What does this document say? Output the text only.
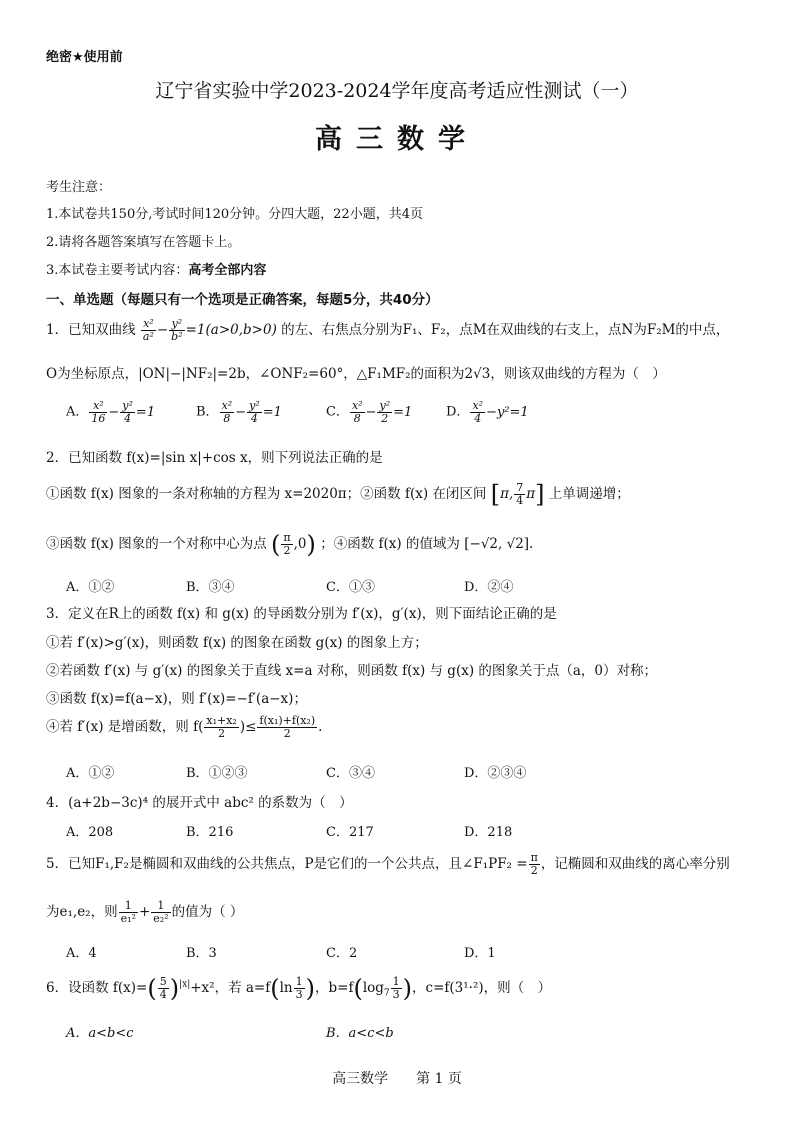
绝密★使用前
辽宁省实验中学2023-2024学年度高考适应性测试（一）
高三数学
考生注意：
1.本试卷共150分,考试时间120分钟。分四大题，22小题，共4页
2.请将各题答案填写在答题卡上。
3.本试卷主要考试内容：高考全部内容
一、单选题（每题只有一个选项是正确答案，每题5分，共40分）
1．已知双曲线 $\frac{\text{x²}}{\text{a²}} - \frac{\text{y²}}{\text{b²}} =1(a>0,b>0)$ 的左、右焦点分别为F₁、F₂，点M在双曲线的右支上，点N为F₂M的中点，
O为坐标原点，|ON|−|NF₂|=2b，∠ONF₂=60°，△F₁MF₂的面积为2√3，则该双曲线的方程为（　）
A． $\frac{\text{x²}}{16} - \frac{\text{y²}}{4} =1$	B． $\frac{\text{x²}}{8} - \frac{\text{y²}}{4} =1$	C． $\frac{\text{x²}}{8} - \frac{\text{y²}}{2} =1$	D． $\frac{\text{x²}}{4} -y^2=1$
2．已知函数 f(x)=|sin x|+cos x，则下列说法正确的是
①函数 f(x) 图象的一条对称轴的方程为 x=2020π；②函数 f(x) 在闭区间 [π, $\frac{7}{4} \pi$] 上单调递增；
③函数 f(x) 图象的一个对称中心为点 ( $\frac{\pi}{2} ,0$) ；④函数 f(x) 的值域为 [−√2, √2].
A．①②	B．③④	C．①③	D．②④
3．定义在R上的函数 f(x) 和 g(x) 的导函数分别为 f′(x)，g′(x)，则下面结论正确的是
①若 f′(x)>g′(x)，则函数 f(x) 的图象在函数 g(x) 的图象上方；
②若函数 f′(x) 与 g′(x) 的图象关于直线 x=a 对称，则函数 f(x) 与 g(x) 的图象关于点（a，0）对称；
③函数 f(x)=f(a−x)，则 f′(x)=−f′(a−x)；
④若 f′(x) 是增函数，则 $f( \frac{\text{x₁+x₂}}{2}$ )≤ $\frac{\text{f(x₁)+f(x₂)}}{2}$ .
A．①②	B．①②③	C．③④	D．②③④
4．(a+2b−3c)⁴ 的展开式中 abc² 的系数为（　）
A．208	B．216	C．217	D．218
5．已知F₁,F₂是椭圆和双曲线的公共焦点，P是它们的一个公共点，且∠F₁PF₂ = $\frac{\pi}{2}$ ，记椭圆和双曲线的离心率分别
为e₁,e₂，则 $\frac{1}{\text{e₁²}} + \frac{1}{\text{e₂²}}$ 的值为（ ）
A．4	B．3	C．2	D．1
6．设函数 $f(x)=( \frac{5}{4} )^{|x|}+x^2$，若 $a=f(\ln \frac{1}{3}$ )，$b=f(\log_7 \frac{1}{3}$ )，c=f(3¹·²)，则（　）
A．a<b<c	B．a<c<b
高三数学 第 1 页
